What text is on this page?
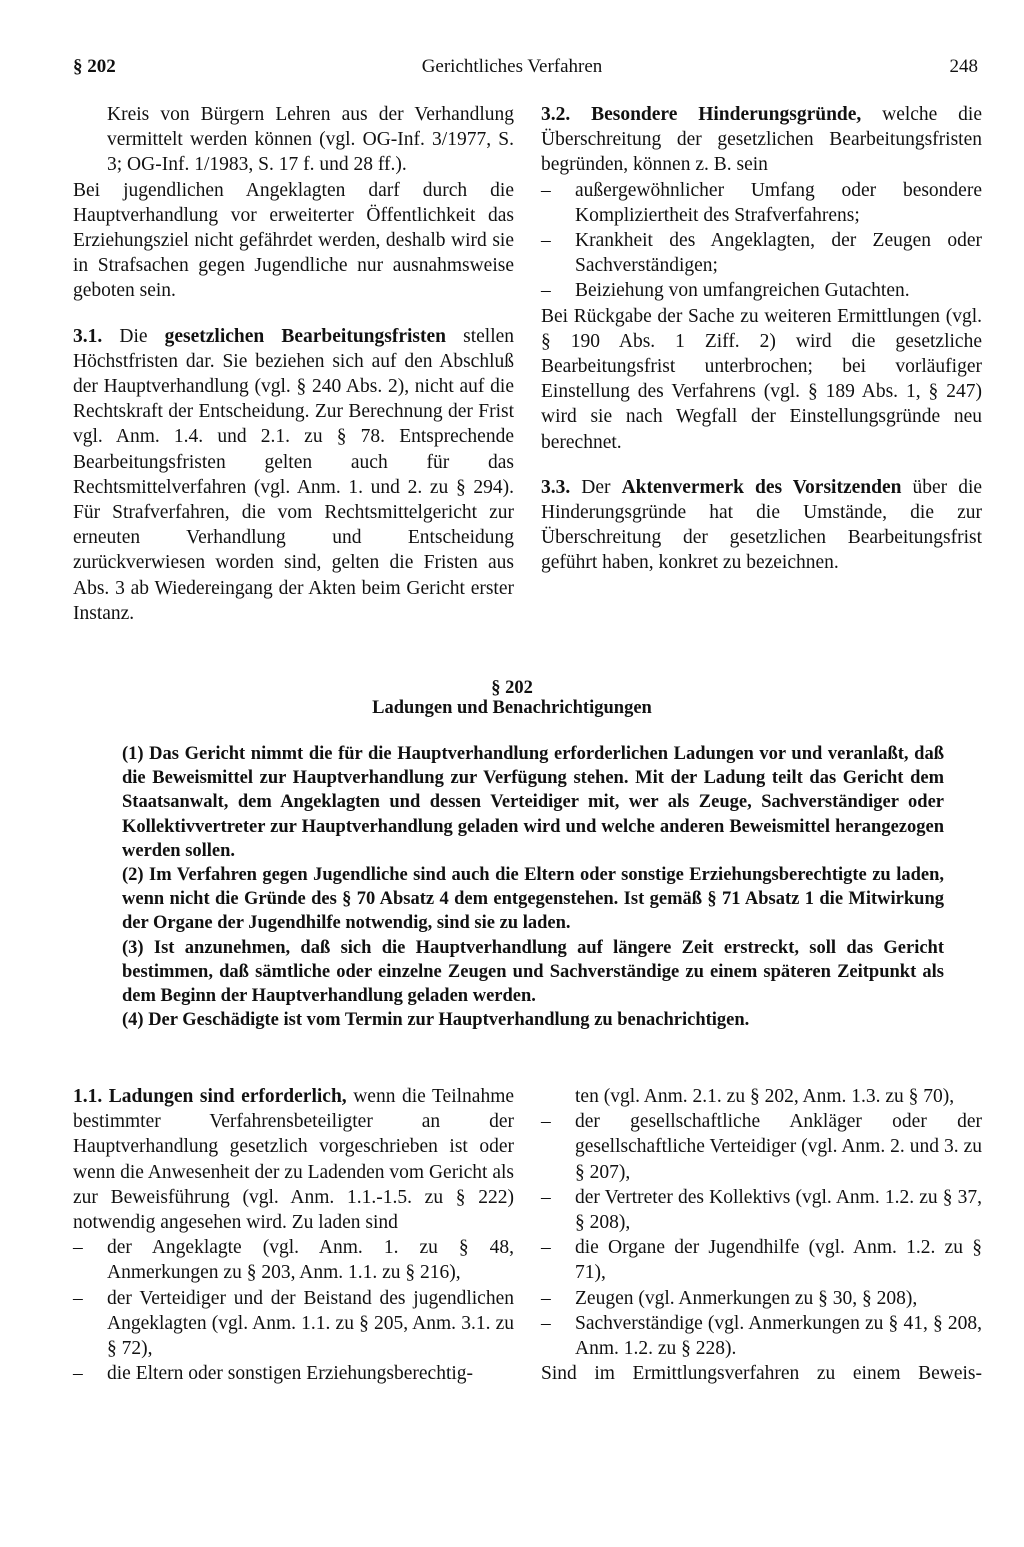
§ 202	Gerichtliches Verfahren	248

Kreis von Bürgern Lehren aus der Verhandlung vermittelt werden können (vgl. OG-Inf. 3/1977, S. 3; OG-Inf. 1/1983, S. 17 f. und 28 ff.).

Bei jugendlichen Angeklagten darf durch die Hauptverhandlung vor erweiterter Öffentlichkeit das Erziehungsziel nicht gefährdet werden, deshalb wird sie in Strafsachen gegen Jugendliche nur ausnahmsweise geboten sein.

3.1. Die gesetzlichen Bearbeitungsfristen stellen Höchstfristen dar. Sie beziehen sich auf den Abschluß der Hauptverhandlung (vgl. § 240 Abs. 2), nicht auf die Rechtskraft der Entscheidung. Zur Berechnung der Frist vgl. Anm. 1.4. und 2.1. zu § 78. Entsprechende Bearbeitungsfristen gelten auch für das Rechtsmittelverfahren (vgl. Anm. 1. und 2. zu § 294). Für Strafverfahren, die vom Rechtsmittelgericht zur erneuten Verhandlung und Entscheidung zurückverwiesen worden sind, gelten die Fristen aus Abs. 3 ab Wiedereingang der Akten beim Gericht erster Instanz.

3.2. Besondere Hinderungsgründe, welche die Überschreitung der gesetzlichen Bearbeitungsfristen begründen, können z. B. sein

– außergewöhnlicher Umfang oder besondere Kompliziertheit des Strafverfahrens;

– Krankheit des Angeklagten, der Zeugen oder Sachverständigen;

– Beiziehung von umfangreichen Gutachten.

Bei Rückgabe der Sache zu weiteren Ermittlungen (vgl. § 190 Abs. 1 Ziff. 2) wird die gesetzliche Bearbeitungsfrist unterbrochen; bei vorläufiger Einstellung des Verfahrens (vgl. § 189 Abs. 1, § 247) wird sie nach Wegfall der Einstellungsgründe neu berechnet.

3.3. Der Aktenvermerk des Vorsitzenden über die Hinderungsgründe hat die Umstände, die zur Überschreitung der gesetzlichen Bearbeitungsfrist geführt haben, konkret zu bezeichnen.

§ 202
Ladungen und Benachrichtigungen

(1) Das Gericht nimmt die für die Hauptverhandlung erforderlichen Ladungen vor und veranlaßt, daß die Beweismittel zur Hauptverhandlung zur Verfügung stehen. Mit der Ladung teilt das Gericht dem Staatsanwalt, dem Angeklagten und dessen Verteidiger mit, wer als Zeuge, Sachverständiger oder Kollektivvertreter zur Hauptverhandlung geladen wird und welche anderen Beweismittel herangezogen werden sollen.

(2) Im Verfahren gegen Jugendliche sind auch die Eltern oder sonstige Erziehungsberechtigte zu laden, wenn nicht die Gründe des § 70 Absatz 4 dem entgegenstehen. Ist gemäß § 71 Absatz 1 die Mitwirkung der Organe der Jugendhilfe notwendig, sind sie zu laden.

(3) Ist anzunehmen, daß sich die Hauptverhandlung auf längere Zeit erstreckt, soll das Gericht bestimmen, daß sämtliche oder einzelne Zeugen und Sachverständige zu einem späteren Zeitpunkt als dem Beginn der Hauptverhandlung geladen werden.

(4) Der Geschädigte ist vom Termin zur Hauptverhandlung zu benachrichtigen.

1.1. Ladungen sind erforderlich, wenn die Teilnahme bestimmter Verfahrensbeteiligter an der Hauptverhandlung gesetzlich vorgeschrieben ist oder wenn die Anwesenheit der zu Ladenden vom Gericht als zur Beweisführung (vgl. Anm. 1.1.-1.5. zu § 222) notwendig angesehen wird. Zu laden sind

– der Angeklagte (vgl. Anm. 1. zu § 48, Anmerkungen zu § 203, Anm. 1.1. zu § 216),

– der Verteidiger und der Beistand des jugendlichen Angeklagten (vgl. Anm. 1.1. zu § 205, Anm. 3.1. zu § 72),

– die Eltern oder sonstigen Erziehungsberechtig-

ten (vgl. Anm. 2.1. zu § 202, Anm. 1.3. zu § 70),

– der gesellschaftliche Ankläger oder der gesellschaftliche Verteidiger (vgl. Anm. 2. und 3. zu § 207),

– der Vertreter des Kollektivs (vgl. Anm. 1.2. zu § 37, § 208),

– die Organe der Jugendhilfe (vgl. Anm. 1.2. zu § 71),

– Zeugen (vgl. Anmerkungen zu § 30, § 208),

– Sachverständige (vgl. Anmerkungen zu § 41, § 208, Anm. 1.2. zu § 228).

Sind im Ermittlungsverfahren zu einem Beweis-
